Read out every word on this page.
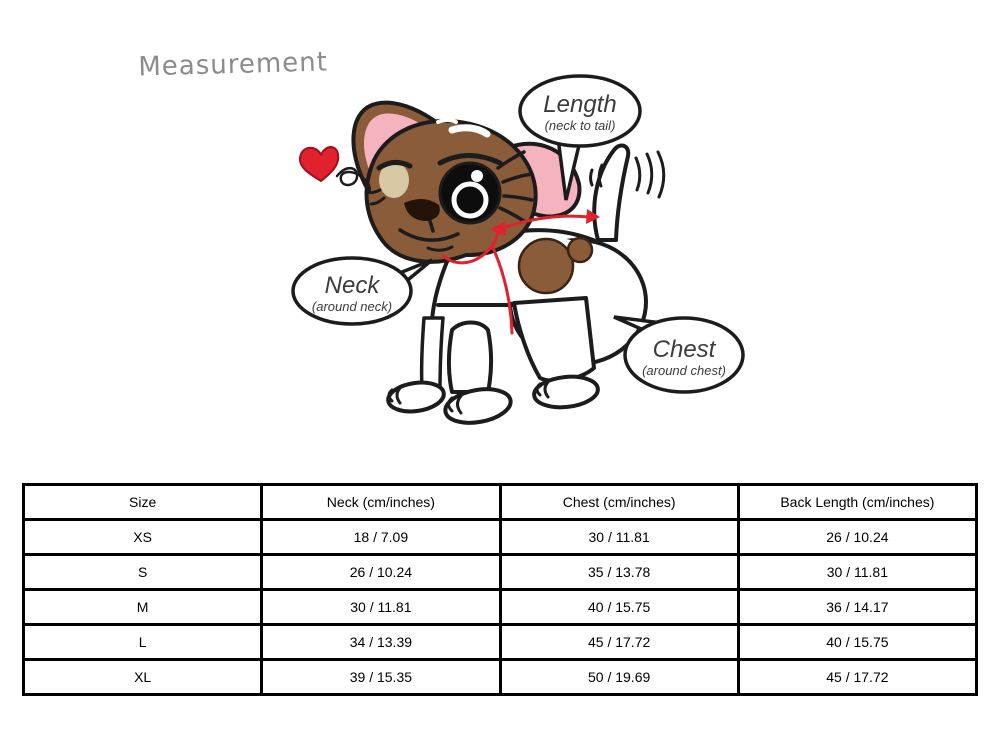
Measurement
Length
(neck to tail)
Neck
(around neck)
Chest
(around chest)
Size	Neck (cm/inches)	Chest (cm/inches)	Back Length (cm/inches)
XS	18 / 7.09	30 / 11.81	26 / 10.24
S	26 / 10.24	35 / 13.78	30 / 11.81
M	30 / 11.81	40 / 15.75	36 / 14.17
L	34 / 13.39	45 / 17.72	40 / 15.75
XL	39 / 15.35	50 / 19.69	45 / 17.72
